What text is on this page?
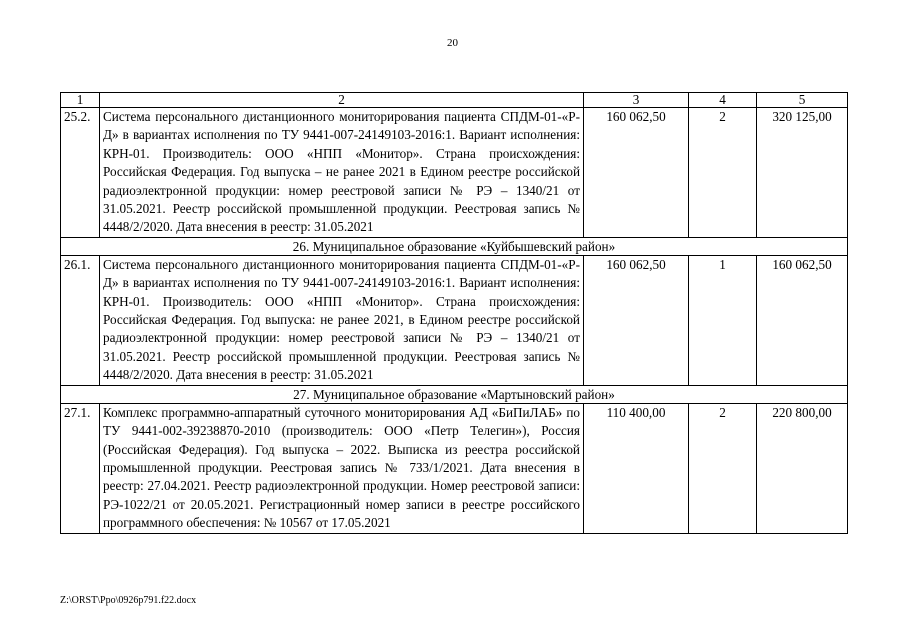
20
1	2	3	4	5
25.2.	Система персонального дистанционного мониторирования пациента СПДМ-01-«Р-Д» в вариантах исполнения по ТУ 9441-007-24149103-2016:1. Вариант исполнения: КРН-01. Производитель: ООО «НПП «Монитор». Страна происхождения: Российская Федерация. Год выпуска – не ранее 2021 в Едином реестре российской радиоэлектронной продукции: номер реестровой записи № РЭ – 1340/21 от 31.05.2021. Реестр российской промышленной продукции. Реестровая запись № 4448/2/2020. Дата внесения в реестр: 31.05.2021	160 062,50	2	320 125,00
26. Муниципальное образование «Куйбышевский район»				
26.1.	Система персонального дистанционного мониторирования пациента СПДМ-01-«Р-Д» в вариантах исполнения по ТУ 9441-007-24149103-2016:1. Вариант исполнения: КРН-01. Производитель: ООО «НПП «Монитор». Страна происхождения: Российская Федерация. Год выпуска: не ранее 2021, в Едином реестре российской радиоэлектронной продукции: номер реестровой записи № РЭ – 1340/21 от 31.05.2021. Реестр российской промышленной продукции. Реестровая запись № 4448/2/2020. Дата внесения в реестр: 31.05.2021	160 062,50	1	160 062,50
27. Муниципальное образование «Мартыновский район»				
27.1.	Комплекс программно-аппаратный суточного мониторирования АД «БиПиЛАБ» по ТУ 9441-002-39238870-2010 (производитель: ООО «Петр Телегин»), Россия (Российская Федерация). Год выпуска – 2022. Выписка из реестра российской промышленной продукции. Реестровая запись № 733/1/2021. Дата внесения в реестр: 27.04.2021. Реестр радиоэлектронной продукции. Номер реестровой записи: РЭ-1022/21 от 20.05.2021. Регистрационный номер записи в реестре российского программного обеспечения: № 10567 от 17.05.2021	110 400,00	2	220 800,00
Z:\ORST\Ppo\0926p791.f22.docx
